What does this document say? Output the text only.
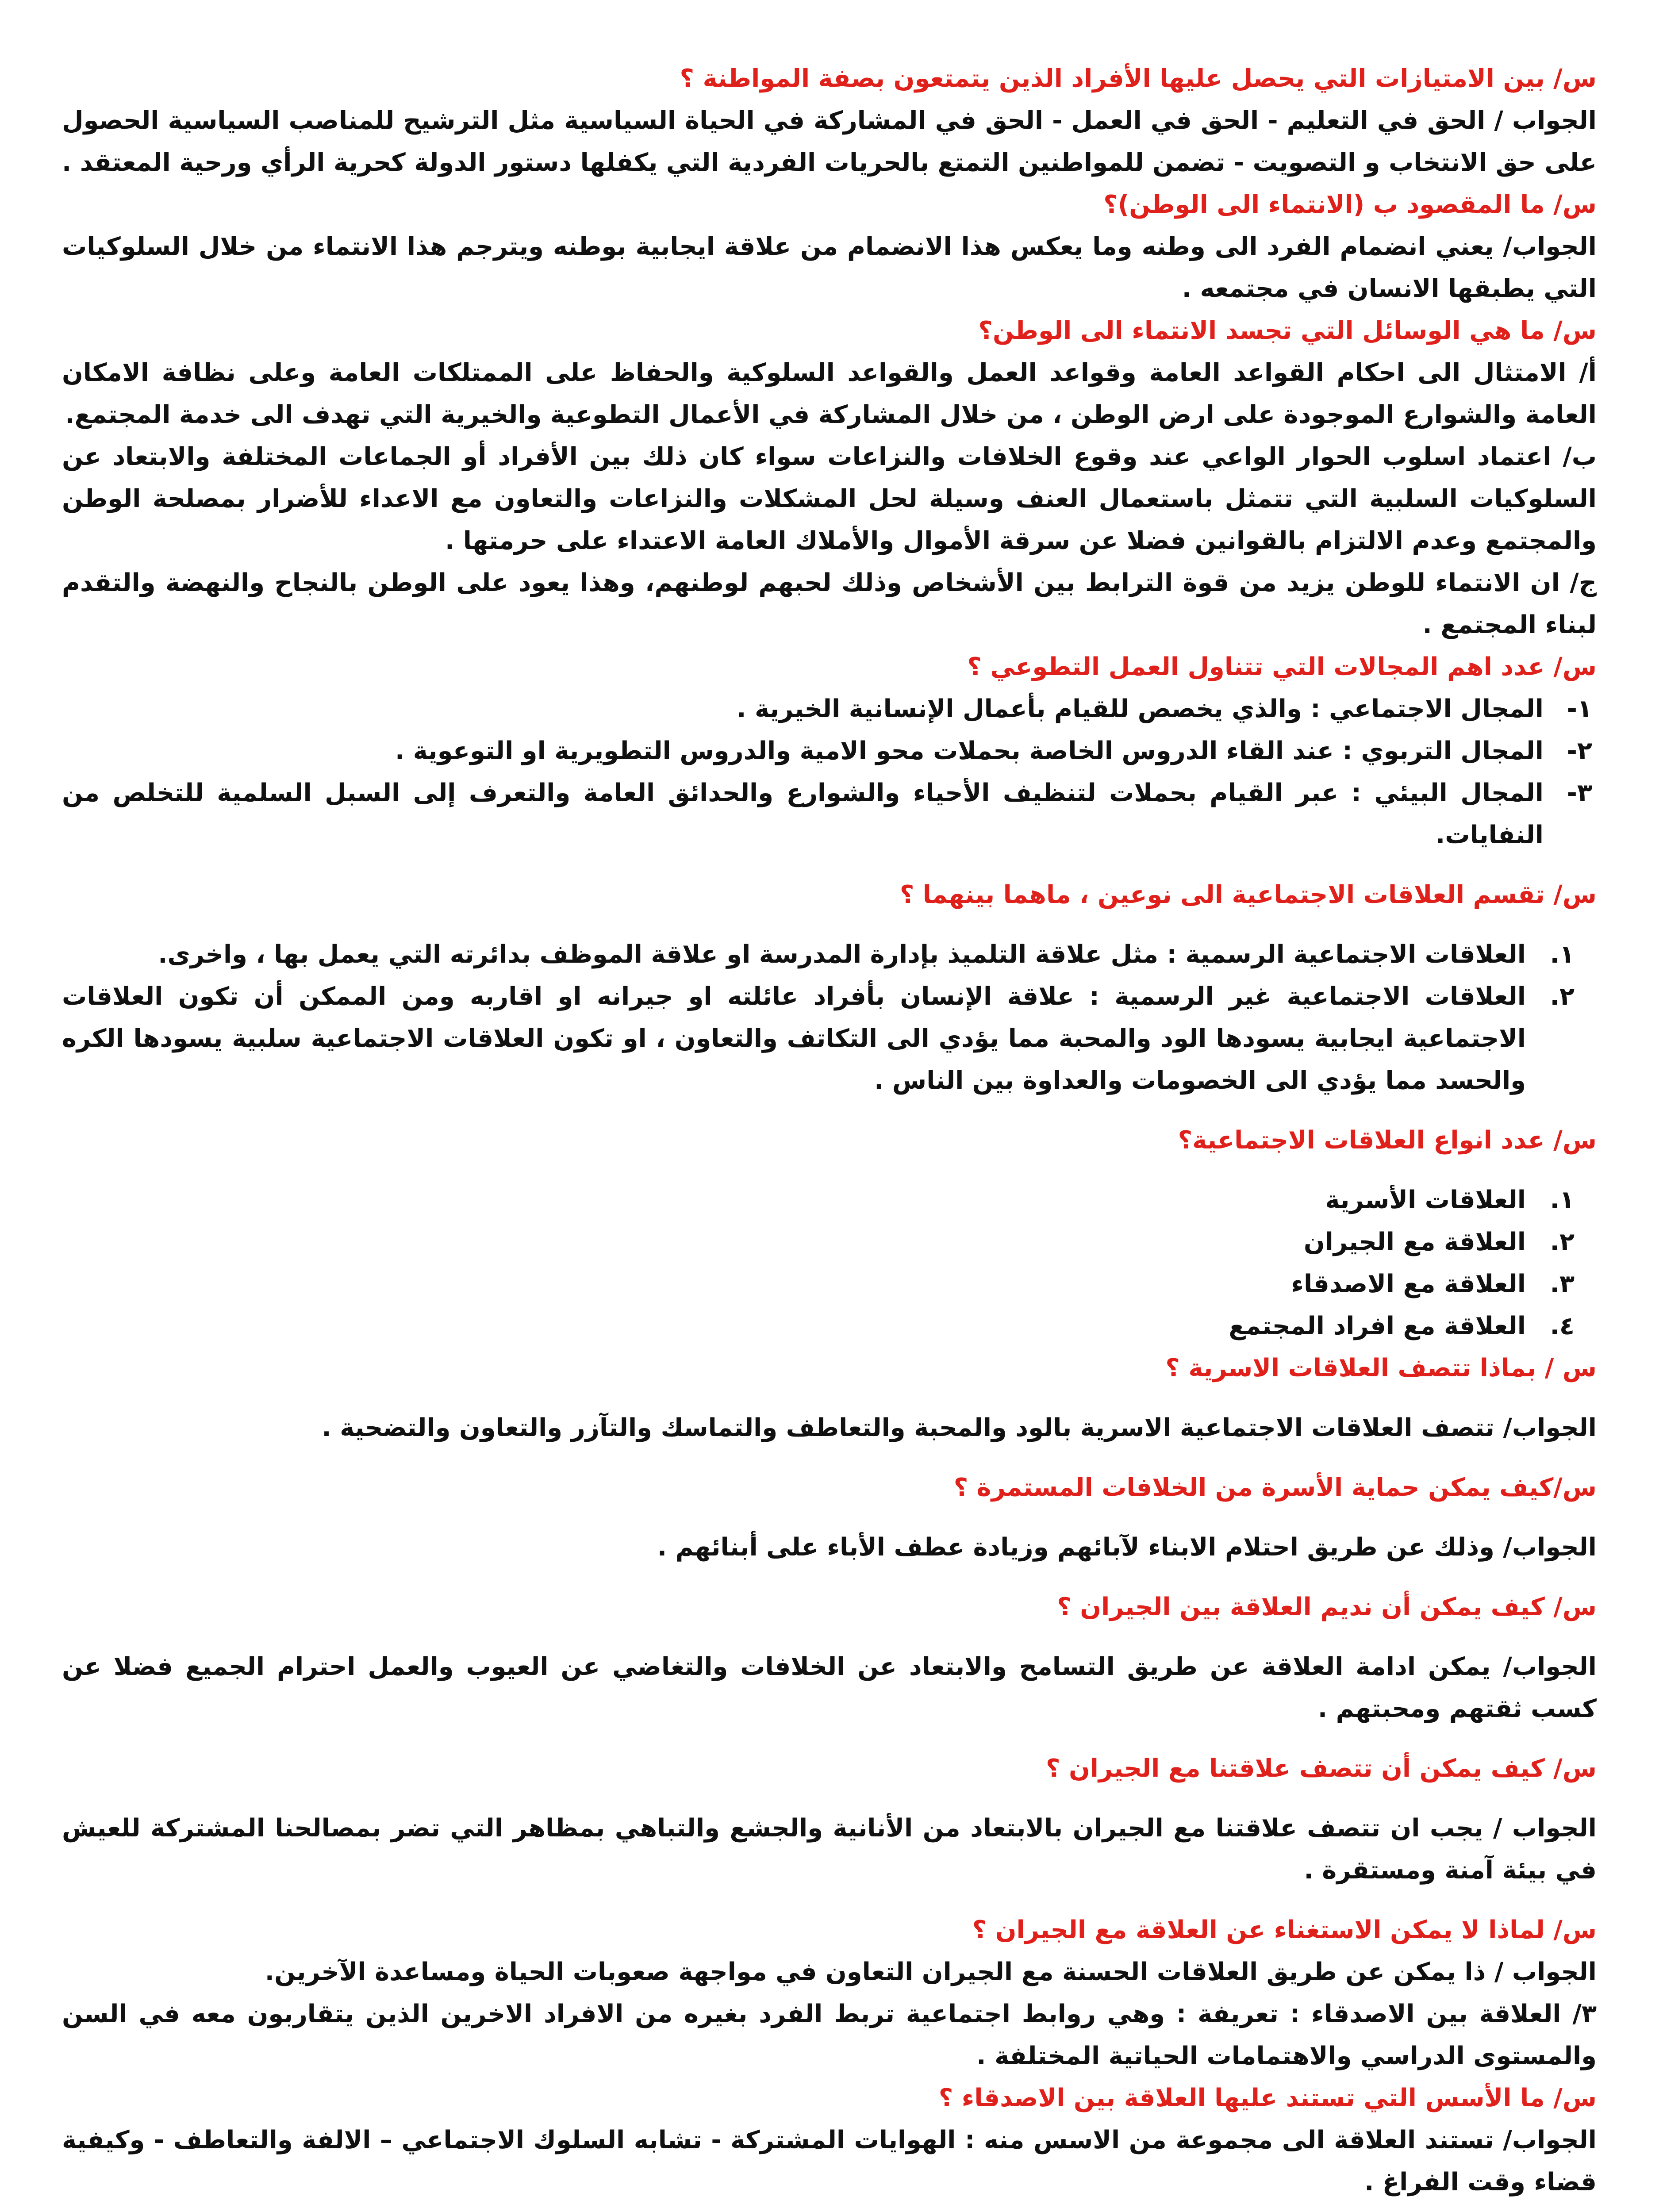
س/ بين الامتيازات التي يحصل عليها الأفراد الذين يتمتعون بصفة المواطنة ؟
الجواب / الحق في التعليم - الحق في العمل - الحق في المشاركة في الحياة السياسية مثل الترشيح للمناصب السياسية الحصول على حق الانتخاب و التصويت - تضمن للمواطنين التمتع بالحريات الفردية التي يكفلها دستور الدولة كحرية الرأي ورحية المعتقد .
س/ ما المقصود ب (الانتماء الى الوطن)؟
الجواب/ يعني انضمام الفرد الى وطنه وما يعكس هذا الانضمام من علاقة ايجابية بوطنه ويترجم هذا الانتماء من خلال السلوكيات التي يطبقها الانسان في مجتمعه .
س/ ما هي الوسائل التي تجسد الانتماء الى الوطن؟
أ/ الامتثال الى احكام القواعد العامة وقواعد العمل والقواعد السلوكية والحفاظ على الممتلكات العامة وعلى نظافة الامكان العامة والشوارع الموجودة على ارض الوطن ، من خلال المشاركة في الأعمال التطوعية والخيرية التي تهدف الى خدمة المجتمع.
ب/ اعتماد اسلوب الحوار الواعي عند وقوع الخلافات والنزاعات سواء كان ذلك بين الأفراد أو الجماعات المختلفة والابتعاد عن السلوكيات السلبية التي تتمثل باستعمال العنف وسيلة لحل المشكلات والنزاعات والتعاون مع الاعداء للأضرار بمصلحة الوطن والمجتمع وعدم الالتزام بالقوانين فضلا عن سرقة الأموال والأملاك العامة الاعتداء على حرمتها .
ج/ ان الانتماء للوطن يزيد من قوة الترابط بين الأشخاص وذلك لحبهم لوطنهم، وهذا يعود على الوطن بالنجاح والنهضة والتقدم لبناء المجتمع .
س/ عدد اهم المجالات التي تتناول العمل التطوعي ؟
١-
المجال الاجتماعي : والذي يخصص للقيام بأعمال الإنسانية الخيرية .
٢-
المجال التربوي : عند القاء الدروس الخاصة بحملات محو الامية والدروس التطويرية او التوعوية .
٣-
المجال البيئي : عبر القيام بحملات لتنظيف الأحياء والشوارع والحدائق العامة والتعرف إلى السبل السلمية للتخلص من النفايات.
س/ تقسم العلاقات الاجتماعية الى نوعين ، ماهما بينهما ؟
١.
العلاقات الاجتماعية الرسمية : مثل علاقة التلميذ بإدارة المدرسة او علاقة الموظف بدائرته التي يعمل بها ، واخرى.
٢.
العلاقات الاجتماعية غير الرسمية : علاقة الإنسان بأفراد عائلته او جيرانه او اقاربه ومن الممكن أن تكون العلاقات الاجتماعية ايجابية يسودها الود والمحبة مما يؤدي الى التكاتف والتعاون ، او تكون العلاقات الاجتماعية سلبية يسودها الكره والحسد مما يؤدي الى الخصومات والعداوة بين الناس .
س/ عدد انواع العلاقات الاجتماعية؟
١.
العلاقات الأسرية
٢.
العلاقة مع الجيران
٣.
العلاقة مع الاصدقاء
٤.
العلاقة مع افراد المجتمع
س / بماذا تتصف العلاقات الاسرية ؟
الجواب/ تتصف العلاقات الاجتماعية الاسرية بالود والمحبة والتعاطف والتماسك والتآزر والتعاون والتضحية .
س/كيف يمكن حماية الأسرة من الخلافات المستمرة ؟
الجواب/ وذلك عن طريق احتلام الابناء لآبائهم وزيادة عطف الأباء على أبنائهم .
س/ كيف يمكن أن نديم العلاقة بين الجيران ؟
الجواب/ يمكن ادامة العلاقة عن طريق التسامح والابتعاد عن الخلافات والتغاضي عن العيوب والعمل احترام الجميع فضلا عن كسب ثقتهم ومحبتهم .
س/ كيف يمكن أن تتصف علاقتنا مع الجيران ؟
الجواب / يجب ان تتصف علاقتنا مع الجيران بالابتعاد من الأنانية والجشع والتباهي بمظاهر التي تضر بمصالحنا المشتركة للعيش في بيئة آمنة ومستقرة .
س/ لماذا لا يمكن الاستغناء عن العلاقة مع الجيران ؟
الجواب / ذا يمكن عن طريق العلاقات الحسنة مع الجيران التعاون في مواجهة صعوبات الحياة ومساعدة الآخرين.
٣/ العلاقة بين الاصدقاء : تعريفة : وهي روابط اجتماعية تربط الفرد بغيره من الافراد الاخرين الذين يتقاربون معه في السن والمستوى الدراسي والاهتمامات الحياتية المختلفة .
س/ ما الأسس التي تستند عليها العلاقة بين الاصدقاء ؟
الجواب/ تستند العلاقة الى مجموعة من الاسس منه : الهوايات المشتركة - تشابه السلوك الاجتماعي – الالفة والتعاطف - وكيفية قضاء وقت الفراغ .
